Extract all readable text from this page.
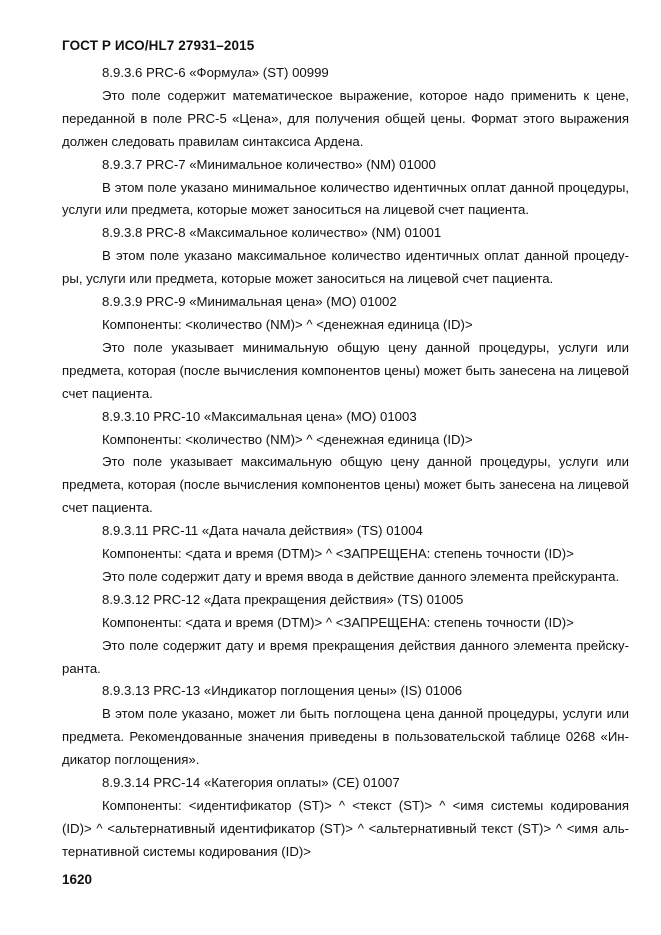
ГОСТ Р ИСО/HL7 27931–2015

8.9.3.6 PRC-6 «Формула» (ST) 00999

Это поле содержит математическое выражение, которое надо применить к цене, переданной в поле PRC-5 «Цена», для получения общей цены. Формат этого выражения должен следовать правилам синтаксиса Ардена.

8.9.3.7 PRC-7 «Минимальное количество» (NM) 01000

В этом поле указано минимальное количество идентичных оплат данной процедуры, услуги или предмета, которые может заноситься на лицевой счет пациента.

8.9.3.8 PRC-8 «Максимальное количество» (NM) 01001

В этом поле указано максимальное количество идентичных оплат данной процедуры, услуги или предмета, которые может заноситься на лицевой счет пациента.

8.9.3.9 PRC-9 «Минимальная цена» (MO) 01002

Компоненты: <количество (NM)> ^ <денежная единица (ID)>

Это поле указывает минимальную общую цену данной процедуры, услуги или предмета, которая (после вычисления компонентов цены) может быть занесена на лицевой счет пациента.

8.9.3.10 PRC-10 «Максимальная цена» (MO) 01003

Компоненты: <количество (NM)> ^ <денежная единица (ID)>

Это поле указывает максимальную общую цену данной процедуры, услуги или предмета, которая (после вычисления компонентов цены) может быть занесена на лицевой счет пациента.

8.9.3.11 PRC-11 «Дата начала действия» (TS) 01004

Компоненты: <дата и время (DTM)> ^ <ЗАПРЕЩЕНА: степень точности (ID)>

Это поле содержит дату и время ввода в действие данного элемента прейскуранта.

8.9.3.12 PRC-12 «Дата прекращения действия» (TS) 01005

Компоненты: <дата и время (DTM)> ^ <ЗАПРЕЩЕНА: степень точности (ID)>

Это поле содержит дату и время прекращения действия данного элемента прейскуранта.

8.9.3.13 PRC-13 «Индикатор поглощения цены» (IS) 01006

В этом поле указано, может ли быть поглощена цена данной процедуры, услуги или предмета. Рекомендованные значения приведены в пользовательской таблице 0268 «Индикатор поглощения».

8.9.3.14 PRC-14 «Категория оплаты» (CE) 01007

Компоненты: <идентификатор (ST)> ^ <текст (ST)> ^ <имя системы кодирования (ID)> ^ <альтернативный идентификатор (ST)> ^ <альтернативный текст (ST)> ^ <имя альтернативной системы кодирования (ID)>

1620
